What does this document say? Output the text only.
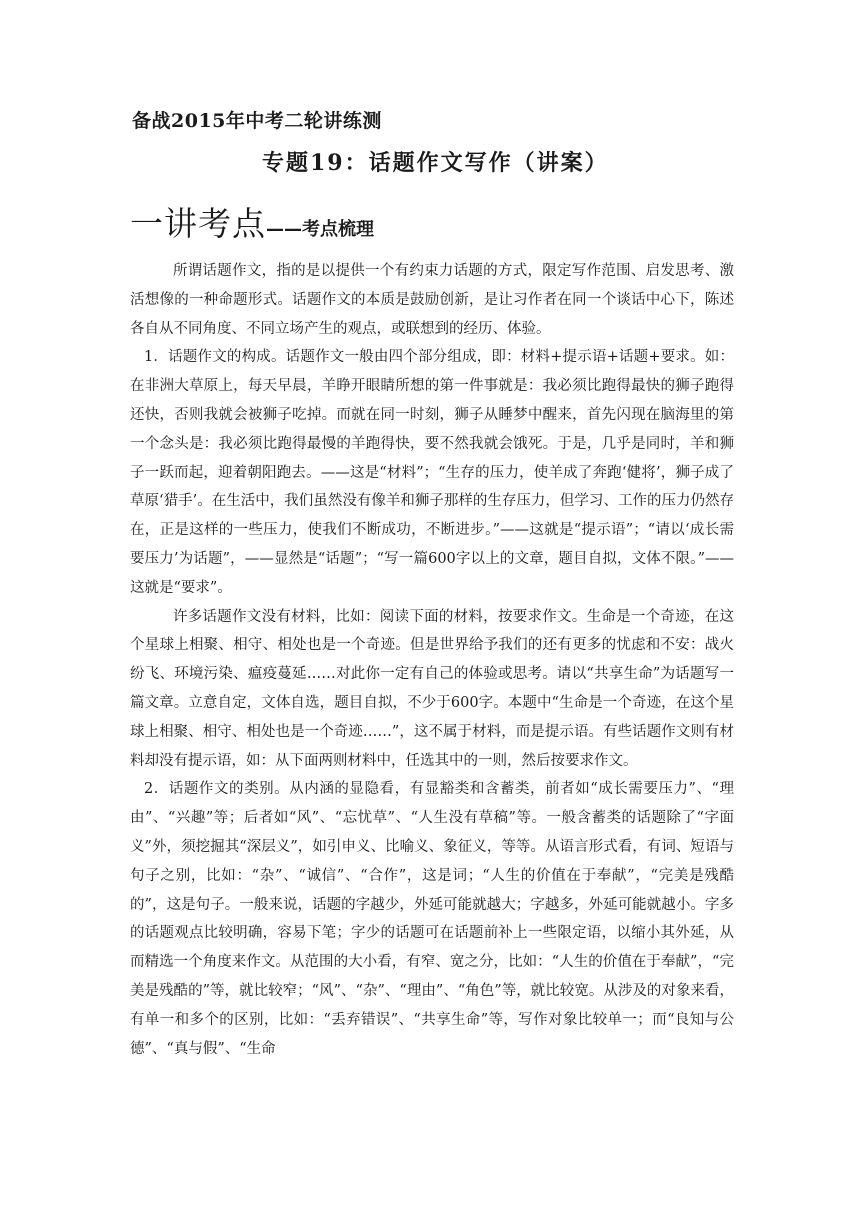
备战2015年中考二轮讲练测
专题19：话题作文写作（讲案）
一讲考点——考点梳理

所谓话题作文，指的是以提供一个有约束力话题的方式，限定写作范围、启发思考、激活想像的一种命题形式。话题作文的本质是鼓励创新，是让习作者在同一个谈话中心下，陈述各自从不同角度、不同立场产生的观点，或联想到的经历、体验。

1．话题作文的构成。话题作文一般由四个部分组成，即：材料+提示语+话题+要求。如：在非洲大草原上，每天早晨，羊睁开眼睛所想的第一件事就是：我必须比跑得最快的狮子跑得还快，否则我就会被狮子吃掉。而就在同一时刻，狮子从睡梦中醒来，首先闪现在脑海里的第一个念头是：我必须比跑得最慢的羊跑得快，要不然我就会饿死。于是，几乎是同时，羊和狮子一跃而起，迎着朝阳跑去。——这是“材料”；“生存的压力，使羊成了奔跑‘健将’，狮子成了草原‘猎手’。在生活中，我们虽然没有像羊和狮子那样的生存压力，但学习、工作的压力仍然存在，正是这样的一些压力，使我们不断成功，不断进步。”——这就是“提示语”；“请以‘成长需要压力’为话题”，——显然是“话题”；“写一篇600字以上的文章，题目自拟，文体不限。”——这就是“要求”。

许多话题作文没有材料，比如：阅读下面的材料，按要求作文。生命是一个奇迹，在这个星球上相聚、相守、相处也是一个奇迹。但是世界给予我们的还有更多的忧虑和不安：战火纷飞、环境污染、瘟疫蔓延……对此你一定有自己的体验或思考。请以“共享生命”为话题写一篇文章。立意自定，文体自选，题目自拟，不少于600字。本题中“生命是一个奇迹，在这个星球上相聚、相守、相处也是一个奇迹……”，这不属于材料，而是提示语。有些话题作文则有材料却没有提示语，如：从下面两则材料中，任选其中的一则，然后按要求作文。

2．话题作文的类别。从内涵的显隐看，有显豁类和含蓄类，前者如“成长需要压力”、“理由”、“兴趣”等；后者如“风”、“忘忧草”、“人生没有草稿”等。一般含蓄类的话题除了“字面义”外，须挖掘其“深层义”，如引申义、比喻义、象征义，等等。从语言形式看，有词、短语与句子之别，比如：“杂”、“诚信”、“合作”，这是词；“人生的价值在于奉献”，“完美是残酷的”，这是句子。一般来说，话题的字越少，外延可能就越大；字越多，外延可能就越小。字多的话题观点比较明确，容易下笔；字少的话题可在话题前补上一些限定语，以缩小其外延，从而精选一个角度来作文。从范围的大小看，有窄、宽之分，比如：“人生的价值在于奉献”，“完美是残酷的”等，就比较窄；“风”、“杂”、“理由”、“角色”等，就比较宽。从涉及的对象来看，有单一和多个的区别，比如：“丢弃错误”、“共享生命”等，写作对象比较单一；而“良知与公德”、“真与假”、“生命
